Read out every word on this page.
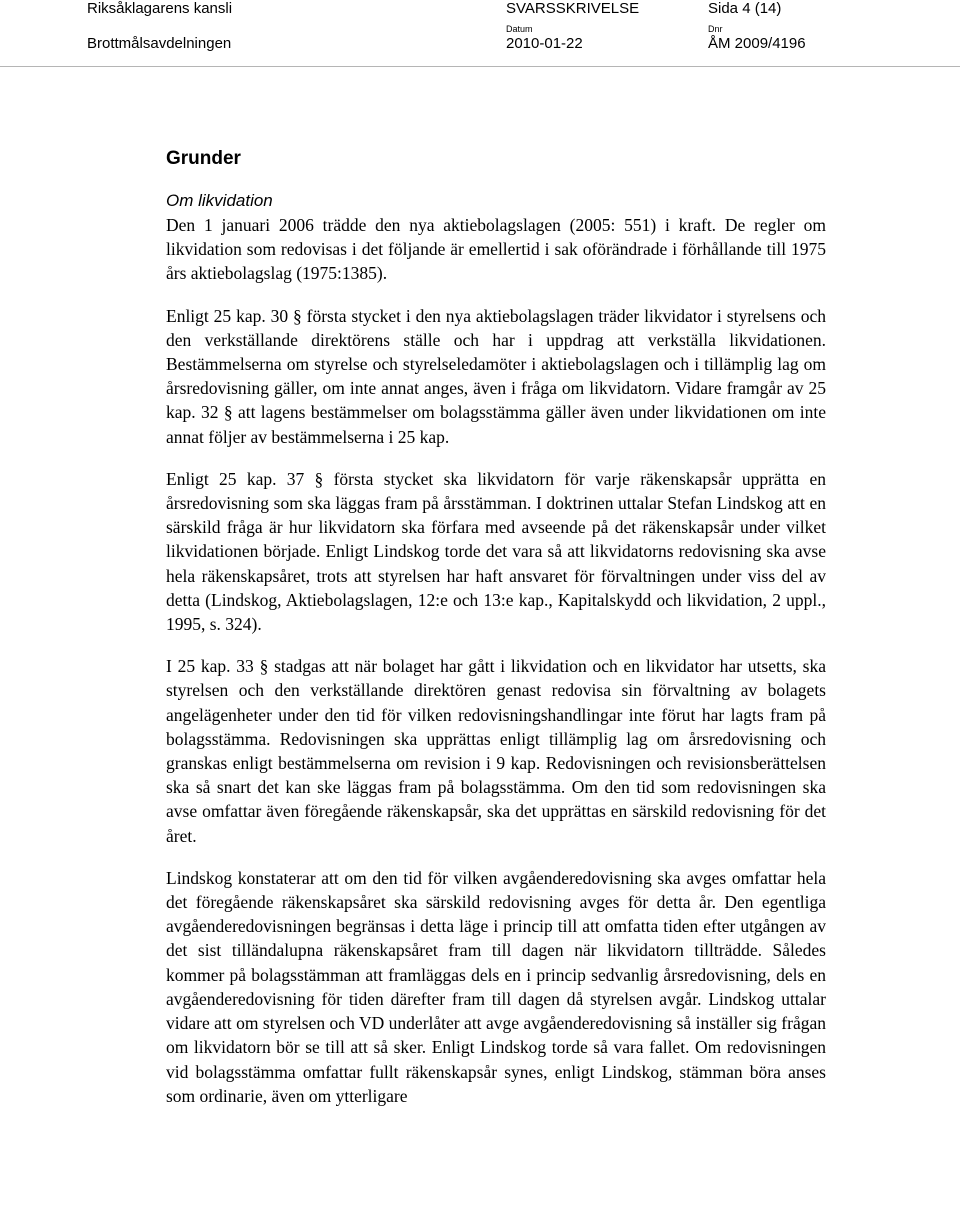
Riksåklagarens kansli
Brottmålsavdelningen
SVARSSKRIVELSE	Sida 4 (14)
Datum
2010-01-22
Dnr
ÅM 2009/4196
Grunder
Om likvidation

Den 1 januari 2006 trädde den nya aktiebolagslagen (2005: 551) i kraft. De regler om likvidation som redovisas i det följande är emellertid i sak oförändrade i förhållande till 1975 års aktiebolagslag (1975:1385).

Enligt 25 kap. 30 § första stycket i den nya aktiebolagslagen träder likvidator i styrelsens och den verkställande direktörens ställe och har i uppdrag att verkställa likvidationen. Bestämmelserna om styrelse och styrelseledamöter i aktiebolagslagen och i tillämplig lag om årsredovisning gäller, om inte annat anges, även i fråga om likvidatorn. Vidare framgår av 25 kap. 32 § att lagens bestämmelser om bolagsstämma gäller även under likvidationen om inte annat följer av bestämmelserna i 25 kap.

Enligt 25 kap. 37 § första stycket ska likvidatorn för varje räkenskapsår upprätta en årsredovisning som ska läggas fram på årsstämman. I doktrinen uttalar Stefan Lindskog att en särskild fråga är hur likvidatorn ska förfara med avseende på det räkenskapsår under vilket likvidationen började. Enligt Lindskog torde det vara så att likvidatorns redovisning ska avse hela räkenskapsåret, trots att styrelsen har haft ansvaret för förvaltningen under viss del av detta (Lindskog, Aktiebolagslagen, 12:e och 13:e kap., Kapitalskydd och likvidation, 2 uppl., 1995, s. 324).

I 25 kap. 33 § stadgas att när bolaget har gått i likvidation och en likvidator har utsetts, ska styrelsen och den verkställande direktören genast redovisa sin förvaltning av bolagets angelägenheter under den tid för vilken redovisningshandlingar inte förut har lagts fram på bolagsstämma. Redovisningen ska upprättas enligt tillämplig lag om årsredovisning och granskas enligt bestämmelserna om revision i 9 kap. Redovisningen och revisionsberättelsen ska så snart det kan ske läggas fram på bolagsstämma. Om den tid som redovisningen ska avse omfattar även föregående räkenskapsår, ska det upprättas en särskild redovisning för det året.

Lindskog konstaterar att om den tid för vilken avgåenderedovisning ska avges omfattar hela det föregående räkenskapsåret ska särskild redovisning avges för detta år. Den egentliga avgåenderedovisningen begränsas i detta läge i princip till att omfatta tiden efter utgången av det sist tilländalupna räkenskapsåret fram till dagen när likvidatorn tillträdde. Således kommer på bolagsstämman att framläggas dels en i princip sedvanlig årsredovisning, dels en avgåenderedovisning för tiden därefter fram till dagen då styrelsen avgår. Lindskog uttalar vidare att om styrelsen och VD underlåter att avge avgåenderedovisning så inställer sig frågan om likvidatorn bör se till att så sker. Enligt Lindskog torde så vara fallet. Om redovisningen vid bolagsstämma omfattar fullt räkenskapsår synes, enligt Lindskog, stämman böra anses som ordinarie, även om ytterligare
